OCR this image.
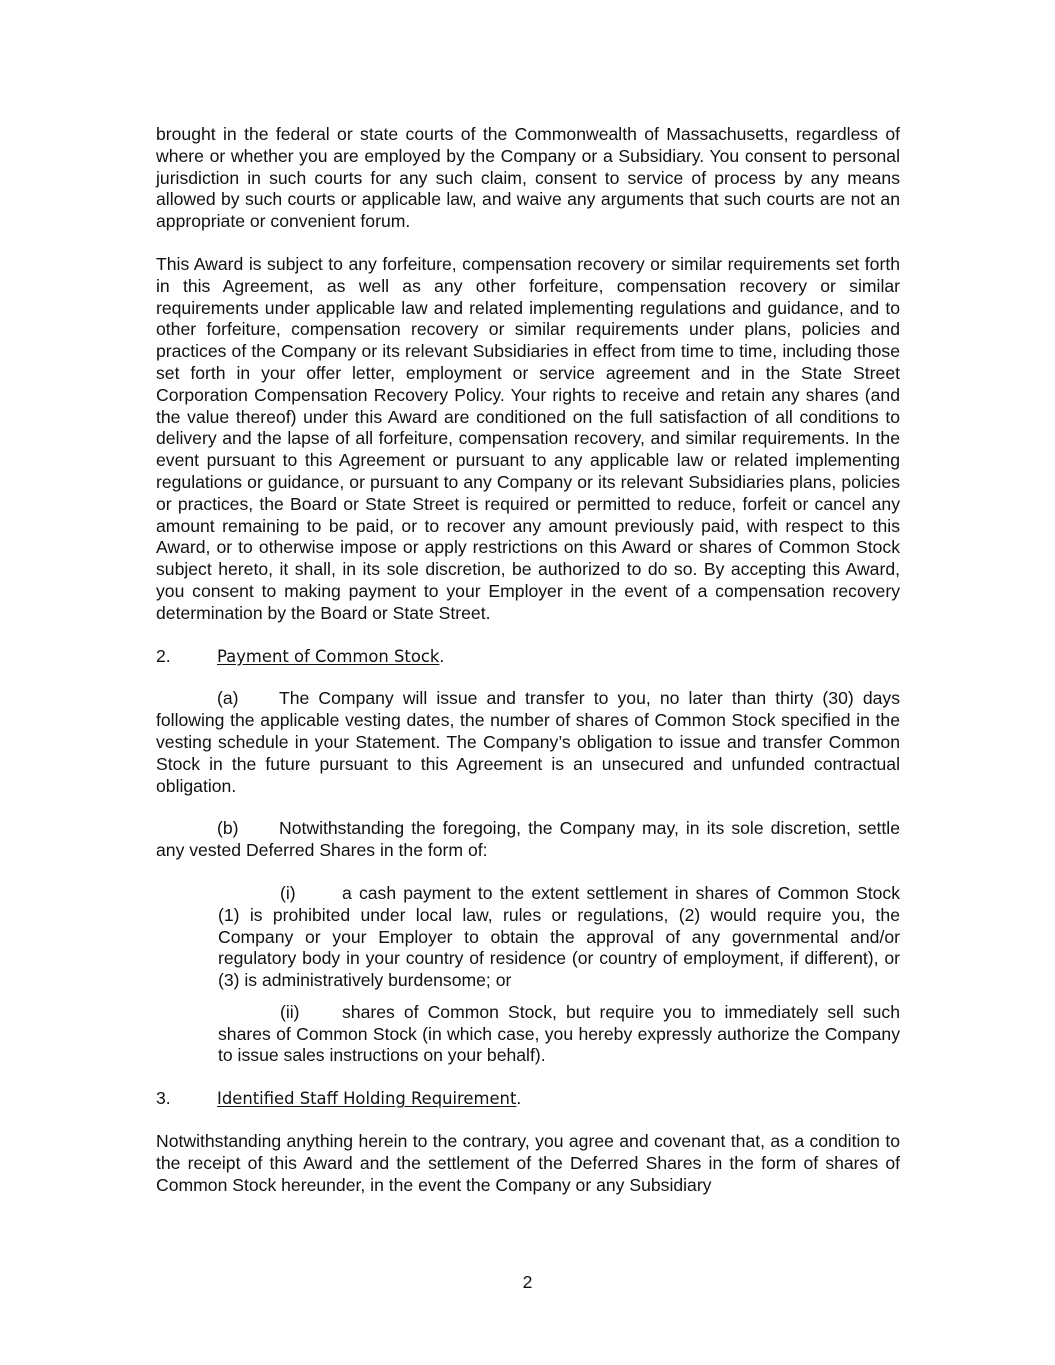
brought in the federal or state courts of the Commonwealth of Massachusetts, regardless of where or whether you are employed by the Company or a Subsidiary. You consent to personal jurisdiction in such courts for any such claim, consent to service of process by any means allowed by such courts or applicable law, and waive any arguments that such courts are not an appropriate or convenient forum.

This Award is subject to any forfeiture, compensation recovery or similar requirements set forth in this Agreement, as well as any other forfeiture, compensation recovery or similar requirements under applicable law and related implementing regulations and guidance, and to other forfeiture, compensation recovery or similar requirements under plans, policies and practices of the Company or its relevant Subsidiaries in effect from time to time, including those set forth in your offer letter, employment or service agreement and in the State Street Corporation Compensation Recovery Policy. Your rights to receive and retain any shares (and the value thereof) under this Award are conditioned on the full satisfaction of all conditions to delivery and the lapse of all forfeiture, compensation recovery, and similar requirements. In the event pursuant to this Agreement or pursuant to any applicable law or related implementing regulations or guidance, or pursuant to any Company or its relevant Subsidiaries plans, policies or practices, the Board or State Street is required or permitted to reduce, forfeit or cancel any amount remaining to be paid, or to recover any amount previously paid, with respect to this Award, or to otherwise impose or apply restrictions on this Award or shares of Common Stock subject hereto, it shall, in its sole discretion, be authorized to do so. By accepting this Award, you consent to making payment to your Employer in the event of a compensation recovery determination by the Board or State Street.

2.	Payment of Common Stock.

(a) The Company will issue and transfer to you, no later than thirty (30) days following the applicable vesting dates, the number of shares of Common Stock specified in the vesting schedule in your Statement. The Company’s obligation to issue and transfer Common Stock in the future pursuant to this Agreement is an unsecured and unfunded contractual obligation.

(b) Notwithstanding the foregoing, the Company may, in its sole discretion, settle any vested Deferred Shares in the form of:

(i)	a cash payment to the extent settlement in shares of Common Stock (1) is prohibited under local law, rules or regulations, (2) would require you, the Company or your Employer to obtain the approval of any governmental and/or regulatory body in your country of residence (or country of employment, if different), or (3) is administratively burdensome; or

(ii) shares of Common Stock, but require you to immediately sell such shares of Common Stock (in which case, you hereby expressly authorize the Company to issue sales instructions on your behalf).

3.	Identified Staff Holding Requirement.

Notwithstanding anything herein to the contrary, you agree and covenant that, as a condition to the receipt of this Award and the settlement of the Deferred Shares in the form of shares of Common Stock hereunder, in the event the Company or any Subsidiary

2
